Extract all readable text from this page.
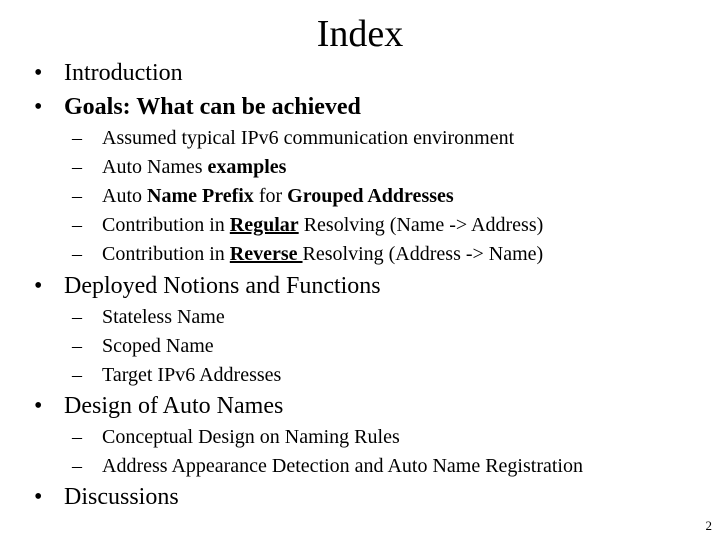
Index
• Introduction
• Goals: What can be achieved
– Assumed typical IPv6 communication environment
– Auto Names examples
– Auto Name Prefix for Grouped Addresses
– Contribution in Regular Resolving (Name -> Address)
– Contribution in Reverse Resolving (Address -> Name)
• Deployed Notions and Functions
– Stateless Name
– Scoped Name
– Target IPv6 Addresses
• Design of Auto Names
– Conceptual Design on Naming Rules
– Address Appearance Detection and Auto Name Registration
• Discussions
2
